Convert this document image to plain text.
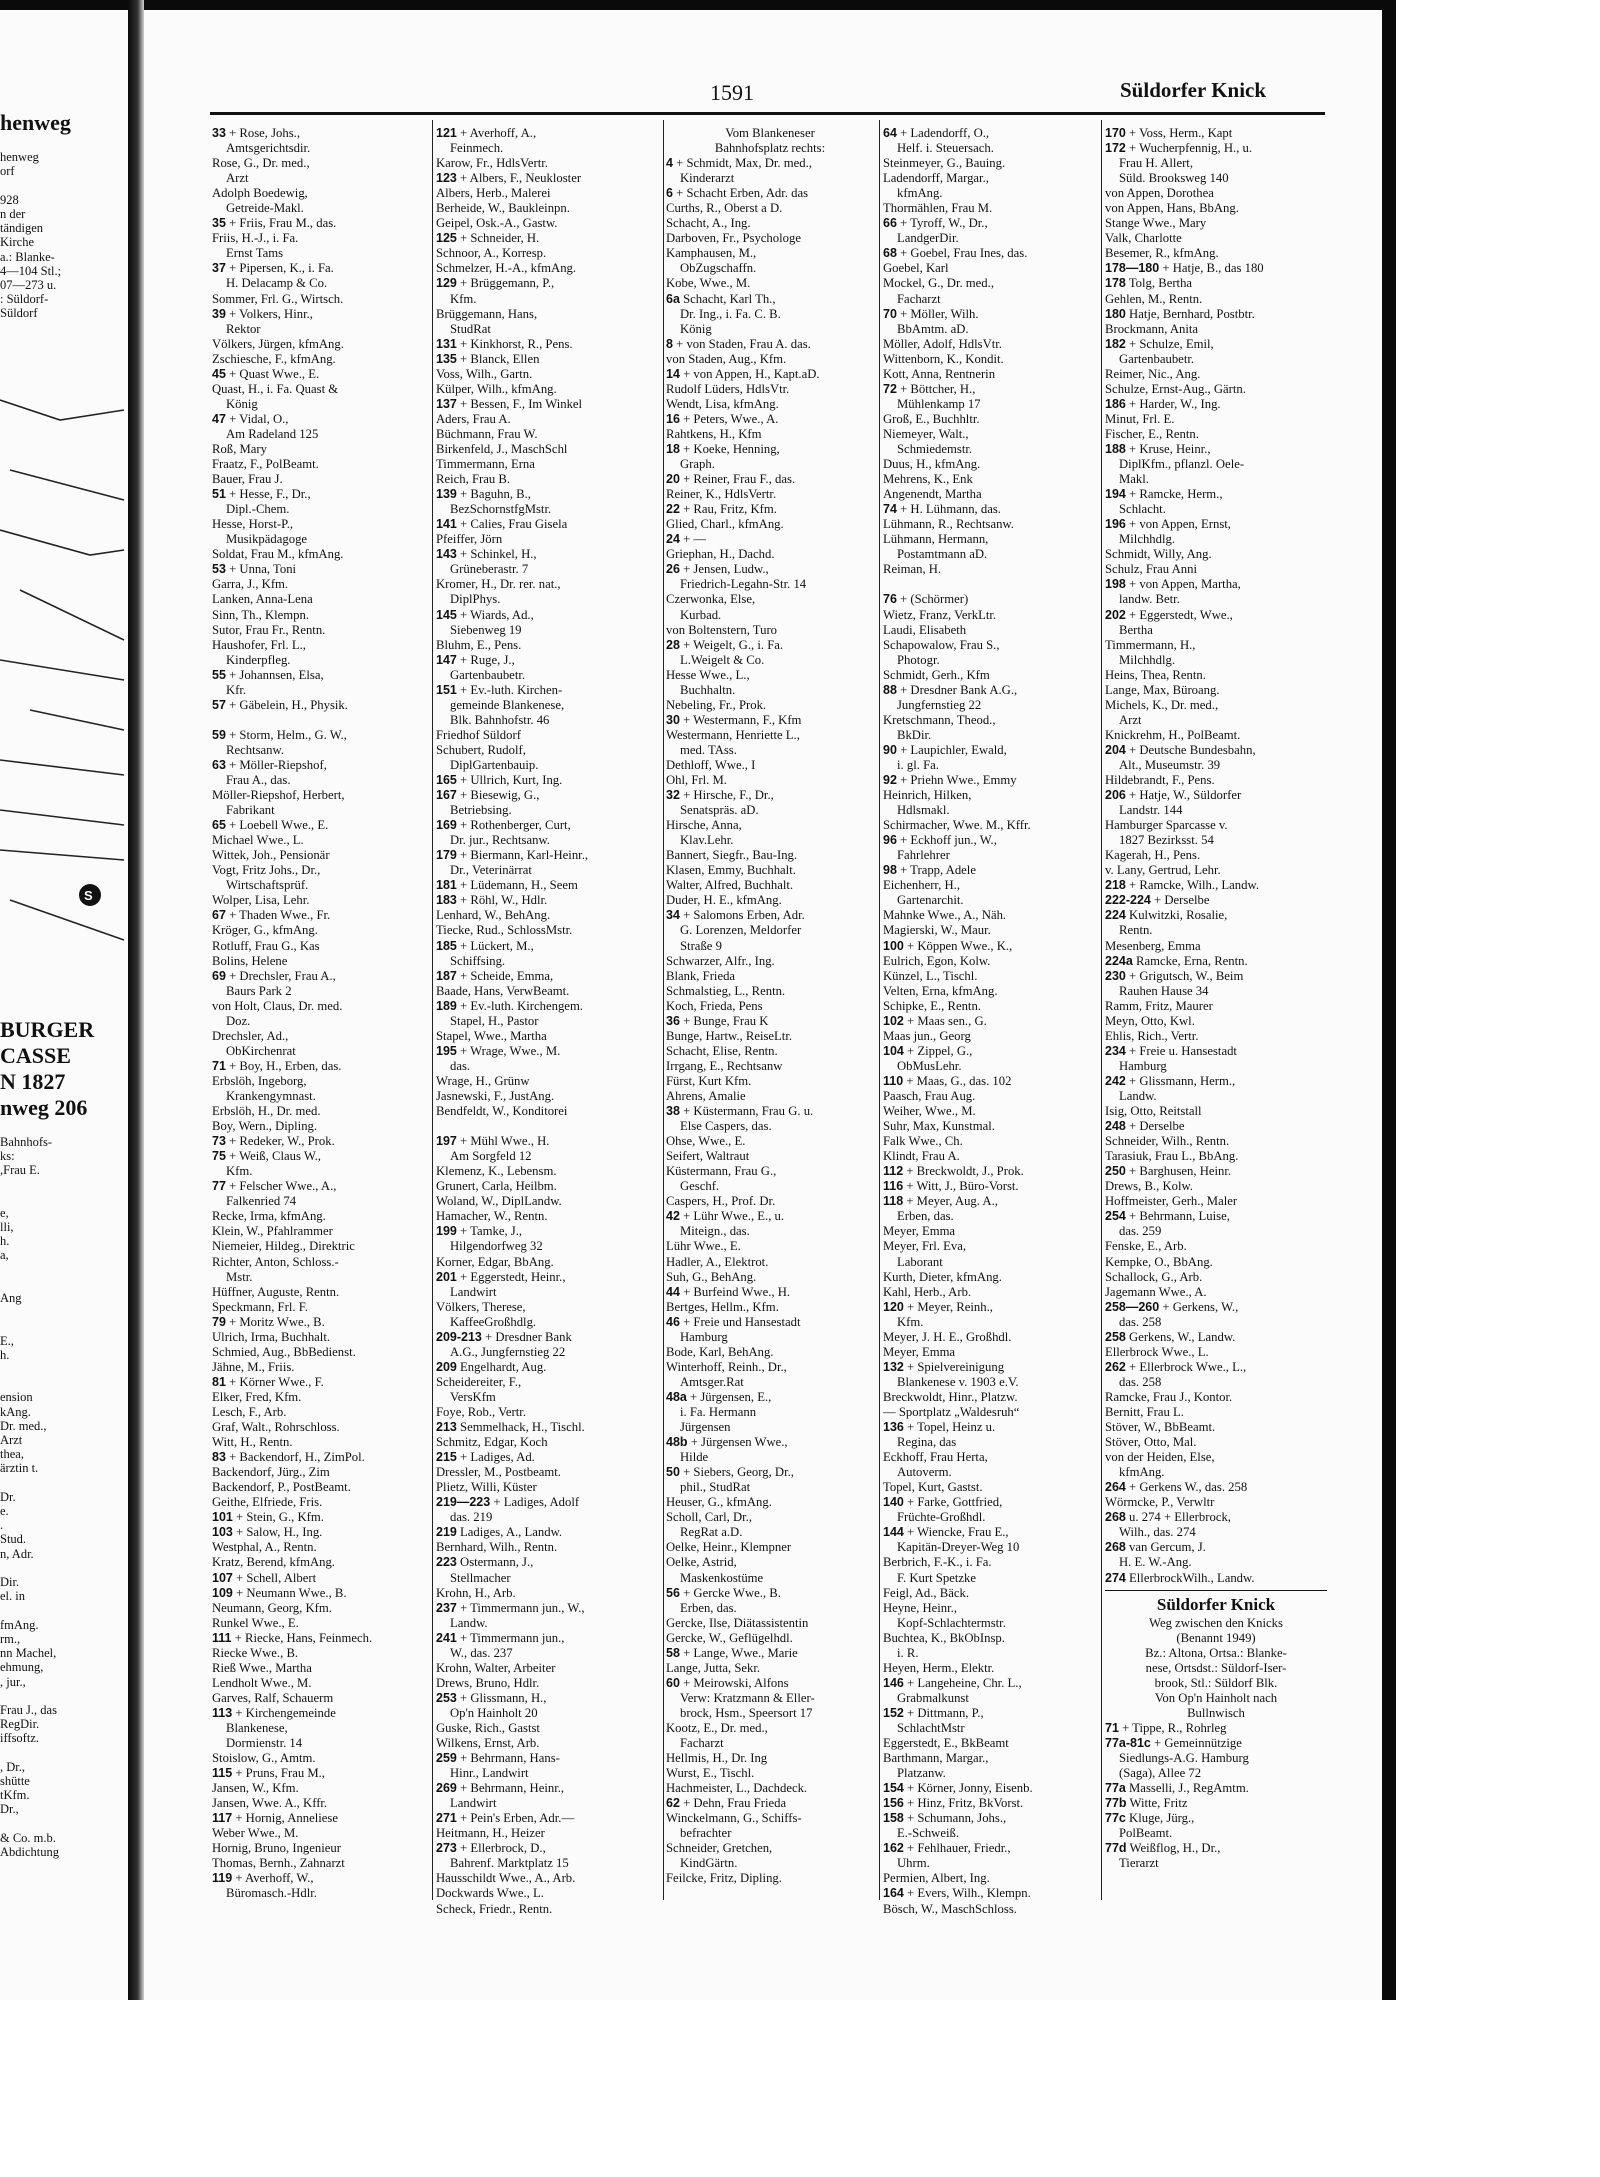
henweg

henweg
orf

928
n der
tändigen
Kirche
a.: Blanke-
4—104 Stl.;
07—273 u.
: Süldorf-
Süldorf

BURGER
CASSE
N 1827
nweg 206

Bahnhofs-
ks:
,Frau E.

e,
lli,
h.
a,

Ang

E.,
h.

ension
kAng.
Dr. med.,
Arzt
thea,
ärztin t.

Dr.
e.
.
Stud.
n, Adr.

Dir.
el. in

fmAng.
rm.,
nn Machel,
ehmung,
, jur.,

Frau J., das
RegDir.
iffsoftz.

, Dr.,
shütte
tKfm.
Dr.,

& Co. m.b.
Abdichtung
S
1591	Süldorfer Knick
33 + Rose, Johs.,
Amtsgerichtsdir.
Rose, G., Dr. med.,
Arzt
Adolph Boedewig,
Getreide-Makl.
35 + Friis, Frau M., das.
Friis, H.-J., i. Fa.
Ernst Tams
37 + Pipersen, K., i. Fa.
H. Delacamp & Co.
Sommer, Frl. G., Wirtsch.
39 + Volkers, Hinr.,
Rektor
Völkers, Jürgen, kfmAng.
Zschiesche, F., kfmAng.
45 + Quast Wwe., E.
Quast, H., i. Fa. Quast &
König
47 + Vidal, O.,
Am Radeland 125
Roß, Mary
Fraatz, F., PolBeamt.
Bauer, Frau J.
51 + Hesse, F., Dr.,
Dipl.-Chem.
Hesse, Horst-P.,
Musikpädagoge
Soldat, Frau M., kfmAng.
53 + Unna, Toni
Garra, J., Kfm.
Lanken, Anna-Lena
Sinn, Th., Klempn.
Sutor, Frau Fr., Rentn.
Haushofer, Frl. L.,
Kinderpfleg.
55 + Johannsen, Elsa,
Kfr.
57 + Gäbelein, H., Physik.

59 + Storm, Helm., G. W.,
Rechtsanw.
63 + Möller-Riepshof,
Frau A., das.
Möller-Riepshof, Herbert,
Fabrikant
65 + Loebell Wwe., E.
Michael Wwe., L.
Wittek, Joh., Pensionär
Vogt, Fritz Johs., Dr.,
Wirtschaftsprüf.
Wolper, Lisa, Lehr.
67 + Thaden Wwe., Fr.
Kröger, G., kfmAng.
Rotluff, Frau G., Kas
Bolins, Helene
69 + Drechsler, Frau A.,
Baurs Park 2
von Holt, Claus, Dr. med.
Doz.
Drechsler, Ad.,
ObKirchenrat
71 + Boy, H., Erben, das.
Erbslöh, Ingeborg,
Krankengymnast.
Erbslöh, H., Dr. med.
Boy, Wern., Dipling.
73 + Redeker, W., Prok.
75 + Weiß, Claus W.,
Kfm.
77 + Felscher Wwe., A.,
Falkenried 74
Recke, Irma, kfmAng.
Klein, W., Pfahlrammer
Niemeier, Hildeg., Direktric
Richter, Anton, Schloss.-
Mstr.
Hüffner, Auguste, Rentn.
Speckmann, Frl. F.
79 + Moritz Wwe., B.
Ulrich, Irma, Buchhalt.
Schmied, Aug., BbBedienst.
Jähne, M., Friis.
81 + Körner Wwe., F.
Elker, Fred, Kfm.
Lesch, F., Arb.
Graf, Walt., Rohrschloss.
Witt, H., Rentn.
83 + Backendorf, H., ZimPol.
Backendorf, Jürg., Zim
Backendorf, P., PostBeamt.
Geithe, Elfriede, Fris.
101 + Stein, G., Kfm.
103 + Salow, H., Ing.
Westphal, A., Rentn.
Kratz, Berend, kfmAng.
107 + Schell, Albert
109 + Neumann Wwe., B.
Neumann, Georg, Kfm.
Runkel Wwe., E.
111 + Riecke, Hans, Feinmech.
Riecke Wwe., B.
Rieß Wwe., Martha
Lendholt Wwe., M.
Garves, Ralf, Schauerm
113 + Kirchengemeinde
Blankenese,
Dormienstr. 14
Stoislow, G., Amtm.
115 + Pruns, Frau M.,
Jansen, W., Kfm.
Jansen, Wwe. A., Kffr.
117 + Hornig, Anneliese
Weber Wwe., M.
Hornig, Bruno, Ingenieur
Thomas, Bernh., Zahnarzt
119 + Averhoff, W.,
Büromasch.-Hdlr.
121 + Averhoff, A.,
Feinmech.
Karow, Fr., HdlsVertr.
123 + Albers, F., Neukloster
Albers, Herb., Malerei
Berheide, W., Baukleinpn.
Geipel, Osk.-A., Gastw.
125 + Schneider, H.
Schnoor, A., Korresp.
Schmelzer, H.-A., kfmAng.
129 + Brüggemann, P.,
Kfm.
Brüggemann, Hans,
StudRat
131 + Kinkhorst, R., Pens.
135 + Blanck, Ellen
Voss, Wilh., Gartn.
Külper, Wilh., kfmAng.
137 + Bessen, F., Im Winkel
Aders, Frau A.
Büchmann, Frau W.
Birkenfeld, J., MaschSchl
Timmermann, Erna
Reich, Frau B.
139 + Baguhn, B.,
BezSchornstfgMstr.
141 + Calies, Frau Gisela
Pfeiffer, Jörn
143 + Schinkel, H.,
Grüneberastr. 7
Kromer, H., Dr. rer. nat.,
DiplPhys.
145 + Wiards, Ad.,
Siebenweg 19
Bluhm, E., Pens.
147 + Ruge, J.,
Gartenbaubetr.
151 + Ev.-luth. Kirchen-
gemeinde Blankenese,
Blk. Bahnhofstr. 46
Friedhof Süldorf
Schubert, Rudolf,
DiplGartenbauip.
165 + Ullrich, Kurt, Ing.
167 + Biesewig, G.,
Betriebsing.
169 + Rothenberger, Curt,
Dr. jur., Rechtsanw.
179 + Biermann, Karl-Heinr.,
Dr., Veterinärrat
181 + Lüdemann, H., Seem
183 + Röhl, W., Hdlr.
Lenhard, W., BehAng.
Tiecke, Rud., SchlossMstr.
185 + Lückert, M.,
Schiffsing.
187 + Scheide, Emma,
Baade, Hans, VerwBeamt.
189 + Ev.-luth. Kirchengem.
Stapel, H., Pastor
Stapel, Wwe., Martha
195 + Wrage, Wwe., M.
das.
Wrage, H., Grünw
Jasnewski, F., JustAng.
Bendfeldt, W., Konditorei

197 + Mühl Wwe., H.
Am Sorgfeld 12
Klemenz, K., Lebensm.
Grunert, Carla, Heilbm.
Woland, W., DiplLandw.
Hamacher, W., Rentn.
199 + Tamke, J.,
Hilgendorfweg 32
Korner, Edgar, BbAng.
201 + Eggerstedt, Heinr.,
Landwirt
Völkers, Therese,
KaffeeGroßhdlg.
209-213 + Dresdner Bank
A.G., Jungfernstieg 22
209 Engelhardt, Aug.
Scheidereiter, F.,
VersKfm
Foye, Rob., Vertr.
213 Semmelhack, H., Tischl.
Schmitz, Edgar, Koch
215 + Ladiges, Ad.
Dressler, M., Postbeamt.
Plietz, Willi, Küster
219—223 + Ladiges, Adolf
das. 219
219 Ladiges, A., Landw.
Bernhard, Wilh., Rentn.
223 Ostermann, J.,
Stellmacher
Krohn, H., Arb.
237 + Timmermann jun., W.,
Landw.
241 + Timmermann jun.,
W., das. 237
Krohn, Walter, Arbeiter
Drews, Bruno, Hdlr.
253 + Glissmann, H.,
Op'n Hainholt 20
Guske, Rich., Gastst
Wilkens, Ernst, Arb.
259 + Behrmann, Hans-
Hinr., Landwirt
269 + Behrmann, Heinr.,
Landwirt
271 + Pein's Erben, Adr.—
Heitmann, H., Heizer
273 + Ellerbrock, D.,
Bahrenf. Marktplatz 15
Hausschildt Wwe., A., Arb.
Dockwards Wwe., L.
Scheck, Friedr., Rentn.
Vom Blankeneser
Bahnhofsplatz rechts:
4 + Schmidt, Max, Dr. med.,
Kinderarzt
6 + Schacht Erben, Adr. das
Curths, R., Oberst a D.
Schacht, A., Ing.
Darboven, Fr., Psychologe
Kamphausen, M.,
ObZugschaffn.
Kobe, Wwe., M.
6a Schacht, Karl Th.,
Dr. Ing., i. Fa. C. B.
König
8 + von Staden, Frau A. das.
von Staden, Aug., Kfm.
14 + von Appen, H., Kapt.aD.
Rudolf Lüders, HdlsVtr.
Wendt, Lisa, kfmAng.
16 + Peters, Wwe., A.
Rahtkens, H., Kfm
18 + Koeke, Henning,
Graph.
20 + Reiner, Frau F., das.
Reiner, K., HdlsVertr.
22 + Rau, Fritz, Kfm.
Glied, Charl., kfmAng.
24 + —
Griephan, H., Dachd.
26 + Jensen, Ludw.,
Friedrich-Legahn-Str. 14
Czerwonka, Else,
Kurbad.
von Boltenstern, Turo
28 + Weigelt, G., i. Fa.
L.Weigelt & Co.
Hesse Wwe., L.,
Buchhaltn.
Nebeling, Fr., Prok.
30 + Westermann, F., Kfm
Westermann, Henriette L.,
med. TAss.
Dethloff, Wwe., I
Ohl, Frl. M.
32 + Hirsche, F., Dr.,
Senatspräs. aD.
Hirsche, Anna,
Klav.Lehr.
Bannert, Siegfr., Bau-Ing.
Klasen, Emmy, Buchhalt.
Walter, Alfred, Buchhalt.
Duder, H. E., kfmAng.
34 + Salomons Erben, Adr.
G. Lorenzen, Meldorfer
Straße 9
Schwarzer, Alfr., Ing.
Blank, Frieda
Schmalstieg, L., Rentn.
Koch, Frieda, Pens
36 + Bunge, Frau K
Bunge, Hartw., ReiseLtr.
Schacht, Elise, Rentn.
Irrgang, E., Rechtsanw
Fürst, Kurt Kfm.
Ahrens, Amalie
38 + Küstermann, Frau G. u.
Else Caspers, das.
Ohse, Wwe., E.
Seifert, Waltraut
Küstermann, Frau G.,
Geschf.
Caspers, H., Prof. Dr.
42 + Lühr Wwe., E., u.
Miteign., das.
Lühr Wwe., E.
Hadler, A., Elektrot.
Suh, G., BehAng.
44 + Burfeind Wwe., H.
Bertges, Hellm., Kfm.
46 + Freie und Hansestadt
Hamburg
Bode, Karl, BehAng.
Winterhoff, Reinh., Dr.,
Amtsger.Rat
48a + Jürgensen, E.,
i. Fa. Hermann
Jürgensen
48b + Jürgensen Wwe.,
Hilde
50 + Siebers, Georg, Dr.,
phil., StudRat
Heuser, G., kfmAng.
Scholl, Carl, Dr.,
RegRat a.D.
Oelke, Heinr., Klempner
Oelke, Astrid,
Maskenkostüme
56 + Gercke Wwe., B.
Erben, das.
Gercke, Ilse, Diätassistentin
Gercke, W., Geflügelhdl.
58 + Lange, Wwe., Marie
Lange, Jutta, Sekr.
60 + Meirowski, Alfons
Verw: Kratzmann & Eller-
brock, Hsm., Speersort 17
Kootz, E., Dr. med.,
Facharzt
Hellmis, H., Dr. Ing
Wurst, E., Tischl.
Hachmeister, L., Dachdeck.
62 + Dehn, Frau Frieda
Winckelmann, G., Schiffs-
befrachter
Schneider, Gretchen,
KindGärtn.
Feilcke, Fritz, Dipling.
64 + Ladendorff, O.,
Helf. i. Steuersach.
Steinmeyer, G., Bauing.
Ladendorff, Margar.,
kfmAng.
Thormählen, Frau M.
66 + Tyroff, W., Dr.,
LandgerDir.
68 + Goebel, Frau Ines, das.
Goebel, Karl
Mockel, G., Dr. med.,
Facharzt
70 + Möller, Wilh.
BbAmtm. aD.
Möller, Adolf, HdlsVtr.
Wittenborn, K., Kondit.
Kott, Anna, Rentnerin
72 + Böttcher, H.,
Mühlenkamp 17
Groß, E., Buchhltr.
Niemeyer, Walt.,
Schmiedemstr.
Duus, H., kfmAng.
Mehrens, K., Enk
Angenendt, Martha
74 + H. Lühmann, das.
Lühmann, R., Rechtsanw.
Lühmann, Hermann,
Postamtmann aD.
Reiman, H.

76 + (Schörmer)
Wietz, Franz, VerkLtr.
Laudi, Elisabeth
Schapowalow, Frau S.,
Photogr.
Schmidt, Gerh., Kfm
88 + Dresdner Bank A.G.,
Jungfernstieg 22
Kretschmann, Theod.,
BkDir.
90 + Laupichler, Ewald,
i. gl. Fa.
92 + Priehn Wwe., Emmy
Heinrich, Hilken,
Hdlsmakl.
Schirmacher, Wwe. M., Kffr.
96 + Eckhoff jun., W.,
Fahrlehrer
98 + Trapp, Adele
Eichenherr, H.,
Gartenarchit.
Mahnke Wwe., A., Näh.
Magierski, W., Maur.
100 + Köppen Wwe., K.,
Eulrich, Egon, Kolw.
Künzel, L., Tischl.
Velten, Erna, kfmAng.
Schipke, E., Rentn.
102 + Maas sen., G.
Maas jun., Georg
104 + Zippel, G.,
ObMusLehr.
110 + Maas, G., das. 102
Paasch, Frau Aug.
Weiher, Wwe., M.
Suhr, Max, Kunstmal.
Falk Wwe., Ch.
Klindt, Frau A.
112 + Breckwoldt, J., Prok.
116 + Witt, J., Büro-Vorst.
118 + Meyer, Aug. A.,
Erben, das.
Meyer, Emma
Meyer, Frl. Eva,
Laborant
Kurth, Dieter, kfmAng.
Kahl, Herb., Arb.
120 + Meyer, Reinh.,
Kfm.
Meyer, J. H. E., Großhdl.
Meyer, Emma
132 + Spielvereinigung
Blankenese v. 1903 e.V.
Breckwoldt, Hinr., Platzw.
— Sportplatz „Waldesruh“
136 + Topel, Heinz u.
Regina, das
Eckhoff, Frau Herta,
Autoverm.
Topel, Kurt, Gastst.
140 + Farke, Gottfried,
Früchte-Großhdl.
144 + Wiencke, Frau E.,
Kapitän-Dreyer-Weg 10
Berbrich, F.-K., i. Fa.
F. Kurt Spetzke
Feigl, Ad., Bäck.
Heyne, Heinr.,
Kopf-Schlachtermstr.
Buchtea, K., BkObInsp.
i. R.
Heyen, Herm., Elektr.
146 + Langeheine, Chr. L.,
Grabmalkunst
152 + Dittmann, P.,
SchlachtMstr
Eggerstedt, E., BkBeamt
Barthmann, Margar.,
Platzanw.
154 + Körner, Jonny, Eisenb.
156 + Hinz, Fritz, BkVorst.
158 + Schumann, Johs.,
E.-Schweiß.
162 + Fehlhauer, Friedr.,
Uhrm.
Permien, Albert, Ing.
164 + Evers, Wilh., Klempn.
Bösch, W., MaschSchloss.
170 + Voss, Herm., Kapt
172 + Wucherpfennig, H., u.
Frau H. Allert,
Süld. Brooksweg 140
von Appen, Dorothea
von Appen, Hans, BbAng.
Stange Wwe., Mary
Valk, Charlotte
Besemer, R., kfmAng.
178—180 + Hatje, B., das 180
178 Tolg, Bertha
Gehlen, M., Rentn.
180 Hatje, Bernhard, Postbtr.
Brockmann, Anita
182 + Schulze, Emil,
Gartenbaubetr.
Reimer, Nic., Ang.
Schulze, Ernst-Aug., Gärtn.
186 + Harder, W., Ing.
Minut, Frl. E.
Fischer, E., Rentn.
188 + Kruse, Heinr.,
DiplKfm., pflanzl. Oele-
Makl.
194 + Ramcke, Herm.,
Schlacht.
196 + von Appen, Ernst,
Milchhdlg.
Schmidt, Willy, Ang.
Schulz, Frau Anni
198 + von Appen, Martha,
landw. Betr.
202 + Eggerstedt, Wwe.,
Bertha
Timmermann, H.,
Milchhdlg.
Heins, Thea, Rentn.
Lange, Max, Büroang.
Michels, K., Dr. med.,
Arzt
Knickrehm, H., PolBeamt.
204 + Deutsche Bundesbahn,
Alt., Museumstr. 39
Hildebrandt, F., Pens.
206 + Hatje, W., Süldorfer
Landstr. 144
Hamburger Sparcasse v.
1827 Bezirksst. 54
Kagerah, H., Pens.
v. Lany, Gertrud, Lehr.
218 + Ramcke, Wilh., Landw.
222-224 + Derselbe
224 Kulwitzki, Rosalie,
Rentn.
Mesenberg, Emma
224a Ramcke, Erna, Rentn.
230 + Grigutsch, W., Beim
Rauhen Hause 34
Ramm, Fritz, Maurer
Meyn, Otto, Kwl.
Ehlis, Rich., Vertr.
234 + Freie u. Hansestadt
Hamburg
242 + Glissmann, Herm.,
Landw.
Isig, Otto, Reitstall
248 + Derselbe
Schneider, Wilh., Rentn.
Tarasiuk, Frau L., BbAng.
250 + Barghusen, Heinr.
Drews, B., Kolw.
Hoffmeister, Gerh., Maler
254 + Behrmann, Luise,
das. 259
Fenske, E., Arb.
Kempke, O., BbAng.
Schallock, G., Arb.
Jagemann Wwe., A.
258—260 + Gerkens, W.,
das. 258
258 Gerkens, W., Landw.
Ellerbrock Wwe., L.
262 + Ellerbrock Wwe., L.,
das. 258
Ramcke, Frau J., Kontor.
Bernitt, Frau L.
Stöver, W., BbBeamt.
Stöver, Otto, Mal.
von der Heiden, Else,
kfmAng.
264 + Gerkens W., das. 258
Wörmcke, P., Verwltr
268 u. 274 + Ellerbrock,
Wilh., das. 274
268 van Gercum, J.
H. E. W.-Ang.
274 EllerbrockWilh., Landw.
Süldorfer Knick
Weg zwischen den Knicks
(Benannt 1949)
Bz.: Altona, Ortsa.: Blanke-
nese, Ortsdst.: Süldorf-Iser-
brook, Stl.: Süldorf Blk.
Von Op'n Hainholt nach
Bullnwisch
71 + Tippe, R., Rohrleg
77a-81c + Gemeinnützige
Siedlungs-A.G. Hamburg
(Saga), Allee 72
77a Masselli, J., RegAmtm.
77b Witte, Fritz
77c Kluge, Jürg.,
PolBeamt.
77d Weißflog, H., Dr.,
Tierarzt
